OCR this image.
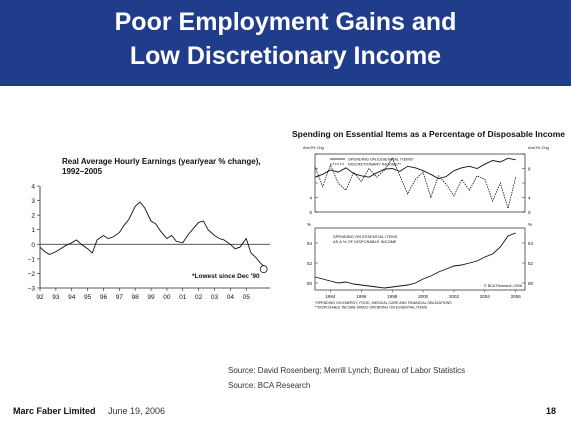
Poor Employment Gains and
Low Discretionary Income
Real Average Hourly Earnings (year/year % change), 1992–2005
4
3
2
1
0
−1
−2
−3
92 93 94 95 96 97 98 99 00 01 02 03 04 05
*Lowest since Dec '90
Spending on Essential Items as a Percentage of Disposable Income
Ann'l% Chg	Ann'l% Chg
8
4	4
0	0
SPENDING ON ESSENTIAL ITEMS*
DISCRETIONARY INCOME**
%	%
54	54
52	52
50	50
SPENDING ON ESSENTIAL ITEMS
AS A % OF DISPOSABLE INCOME
© BCA Research 2006
1994	1996	1998	2000	2002	2004	2006
*SPENDING ON ENERGY, FOOD, MEDICAL CARE AND FINANCIAL OBLIGATIONS
**DISPOSABLE INCOME MINUS SPENDING ON ESSENTIAL ITEMS
Source: David Rosenberg; Merrill Lynch; Bureau of Labor Statistics
Source: BCA Research
Marc Faber Limited June 19, 2006	18
